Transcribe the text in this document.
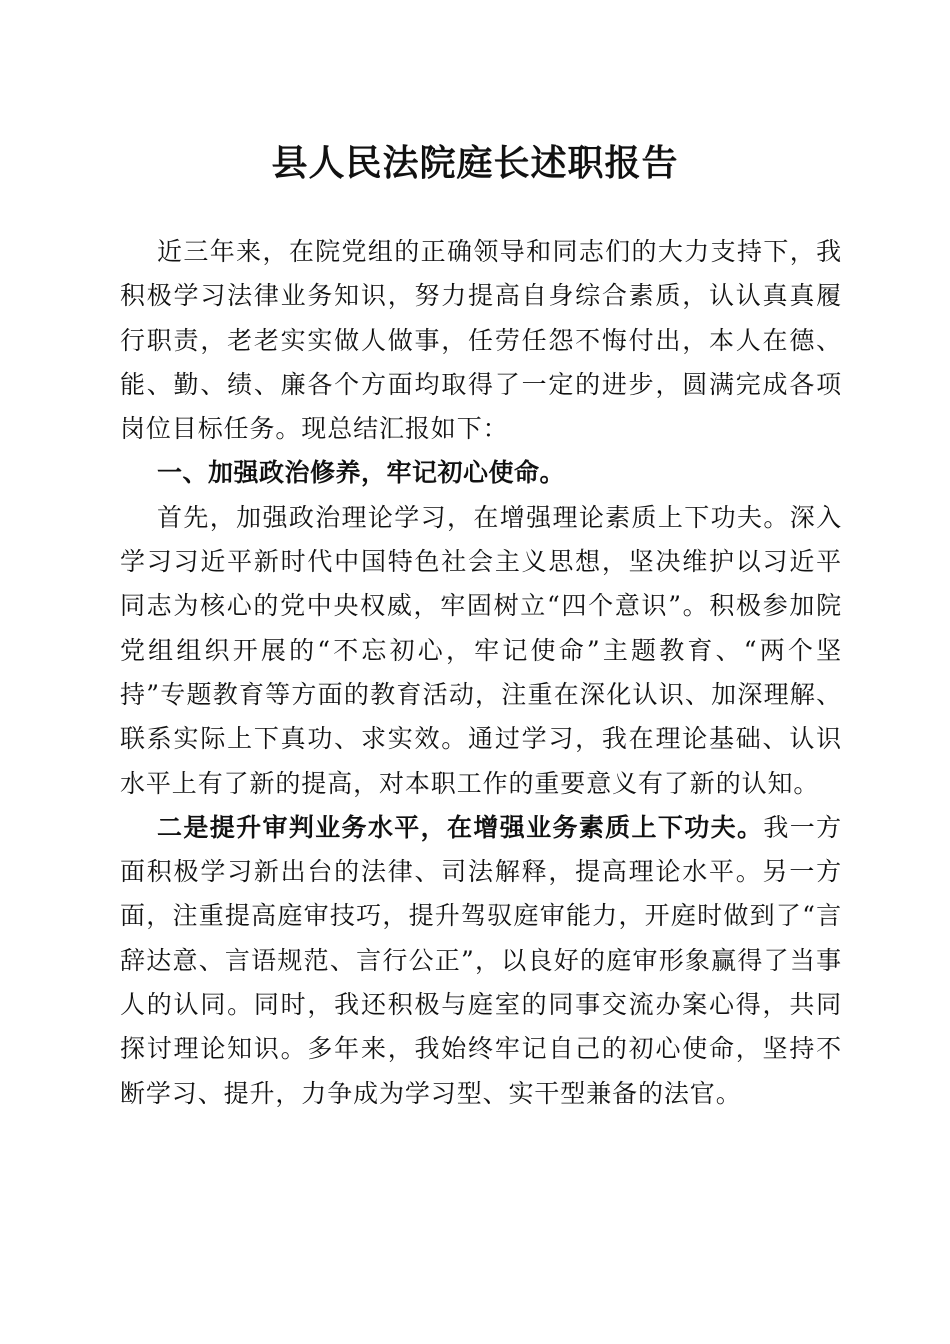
县人民法院庭长述职报告

近三年来，在院党组的正确领导和同志们的大力支持下，我积极学习法律业务知识，努力提高自身综合素质，认认真真履行职责，老老实实做人做事，任劳任怨不悔付出，本人在德、能、勤、绩、廉各个方面均取得了一定的进步，圆满完成各项岗位目标任务。现总结汇报如下：

一、加强政治修养，牢记初心使命。

首先，加强政治理论学习，在增强理论素质上下功夫。深入学习习近平新时代中国特色社会主义思想，坚决维护以习近平同志为核心的党中央权威，牢固树立“四个意识”。积极参加院党组组织开展的“不忘初心，牢记使命”主题教育、“两个坚持”专题教育等方面的教育活动，注重在深化认识、加深理解、联系实际上下真功、求实效。通过学习，我在理论基础、认识水平上有了新的提高，对本职工作的重要意义有了新的认知。

二是提升审判业务水平，在增强业务素质上下功夫。我一方面积极学习新出台的法律、司法解释，提高理论水平。另一方面，注重提高庭审技巧，提升驾驭庭审能力，开庭时做到了“言辞达意、言语规范、言行公正”，以良好的庭审形象赢得了当事人的认同。同时，我还积极与庭室的同事交流办案心得，共同探讨理论知识。多年来，我始终牢记自己的初心使命，坚持不断学习、提升，力争成为学习型、实干型兼备的法官。
